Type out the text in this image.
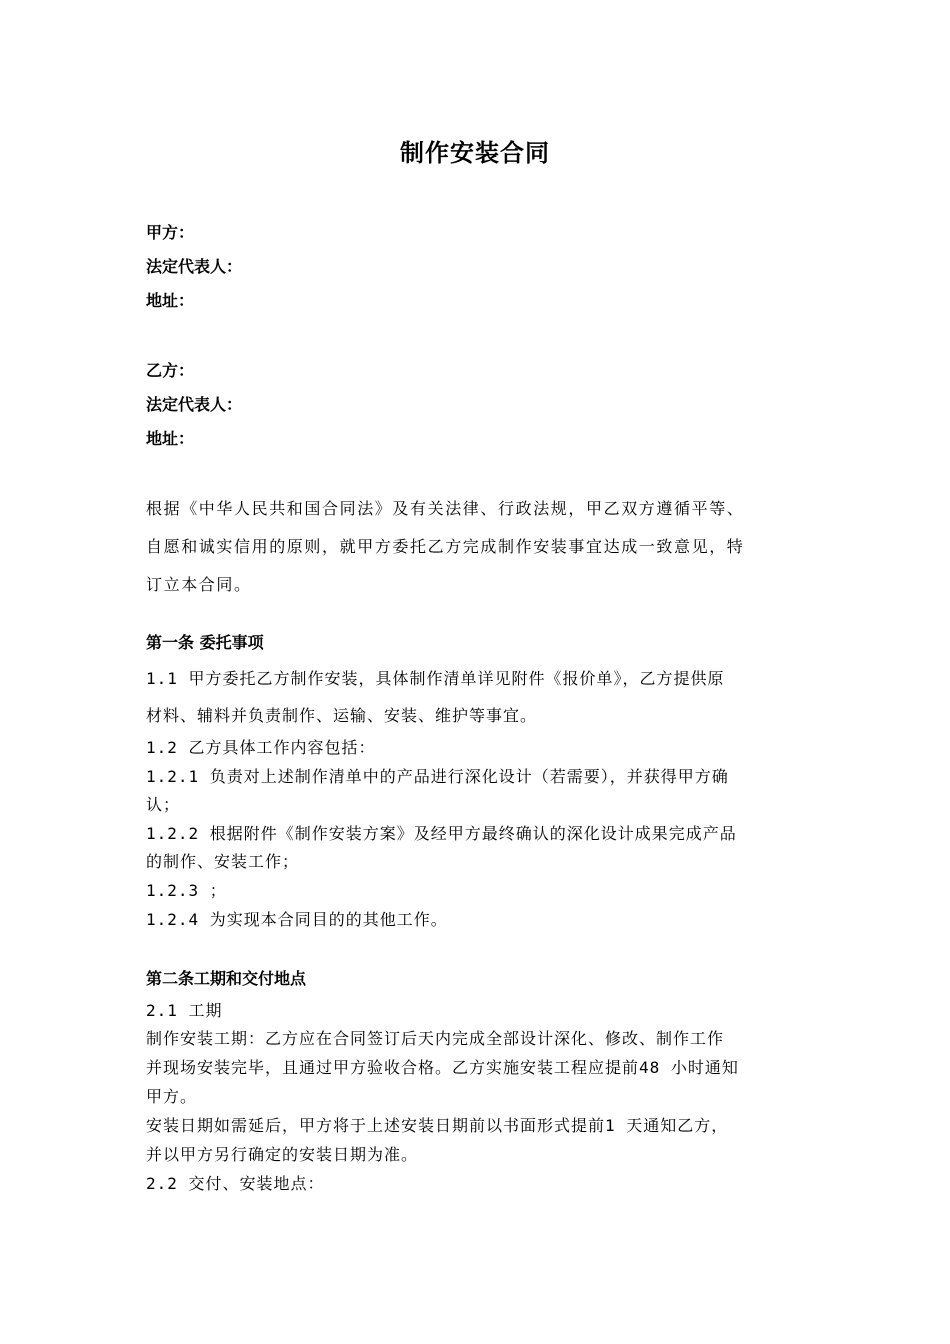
制作安装合同
甲方：
法定代表人：
地址：
乙方：
法定代表人：
地址：
根据《中华人民共和国合同法》及有关法律、行政法规，甲乙双方遵循平等、
自愿和诚实信用的原则，就甲方委托乙方完成制作安装事宜达成一致意见，特
订立本合同。
第一条 委托事项
1.1 甲方委托乙方制作安装，具体制作清单详见附件《报价单》，乙方提供原
材料、辅料并负责制作、运输、安装、维护等事宜。
1.2 乙方具体工作内容包括：
1.2.1 负责对上述制作清单中的产品进行深化设计（若需要），并获得甲方确
认；
1.2.2 根据附件《制作安装方案》及经甲方最终确认的深化设计成果完成产品
的制作、安装工作；
1.2.3 ；
1.2.4 为实现本合同目的的其他工作。
第二条工期和交付地点
2.1 工期
制作安装工期：乙方应在合同签订后天内完成全部设计深化、修改、制作工作
并现场安装完毕，且通过甲方验收合格。乙方实施安装工程应提前48 小时通知
甲方。
安装日期如需延后，甲方将于上述安装日期前以书面形式提前1 天通知乙方，
并以甲方另行确定的安装日期为准。
2.2 交付、安装地点：
